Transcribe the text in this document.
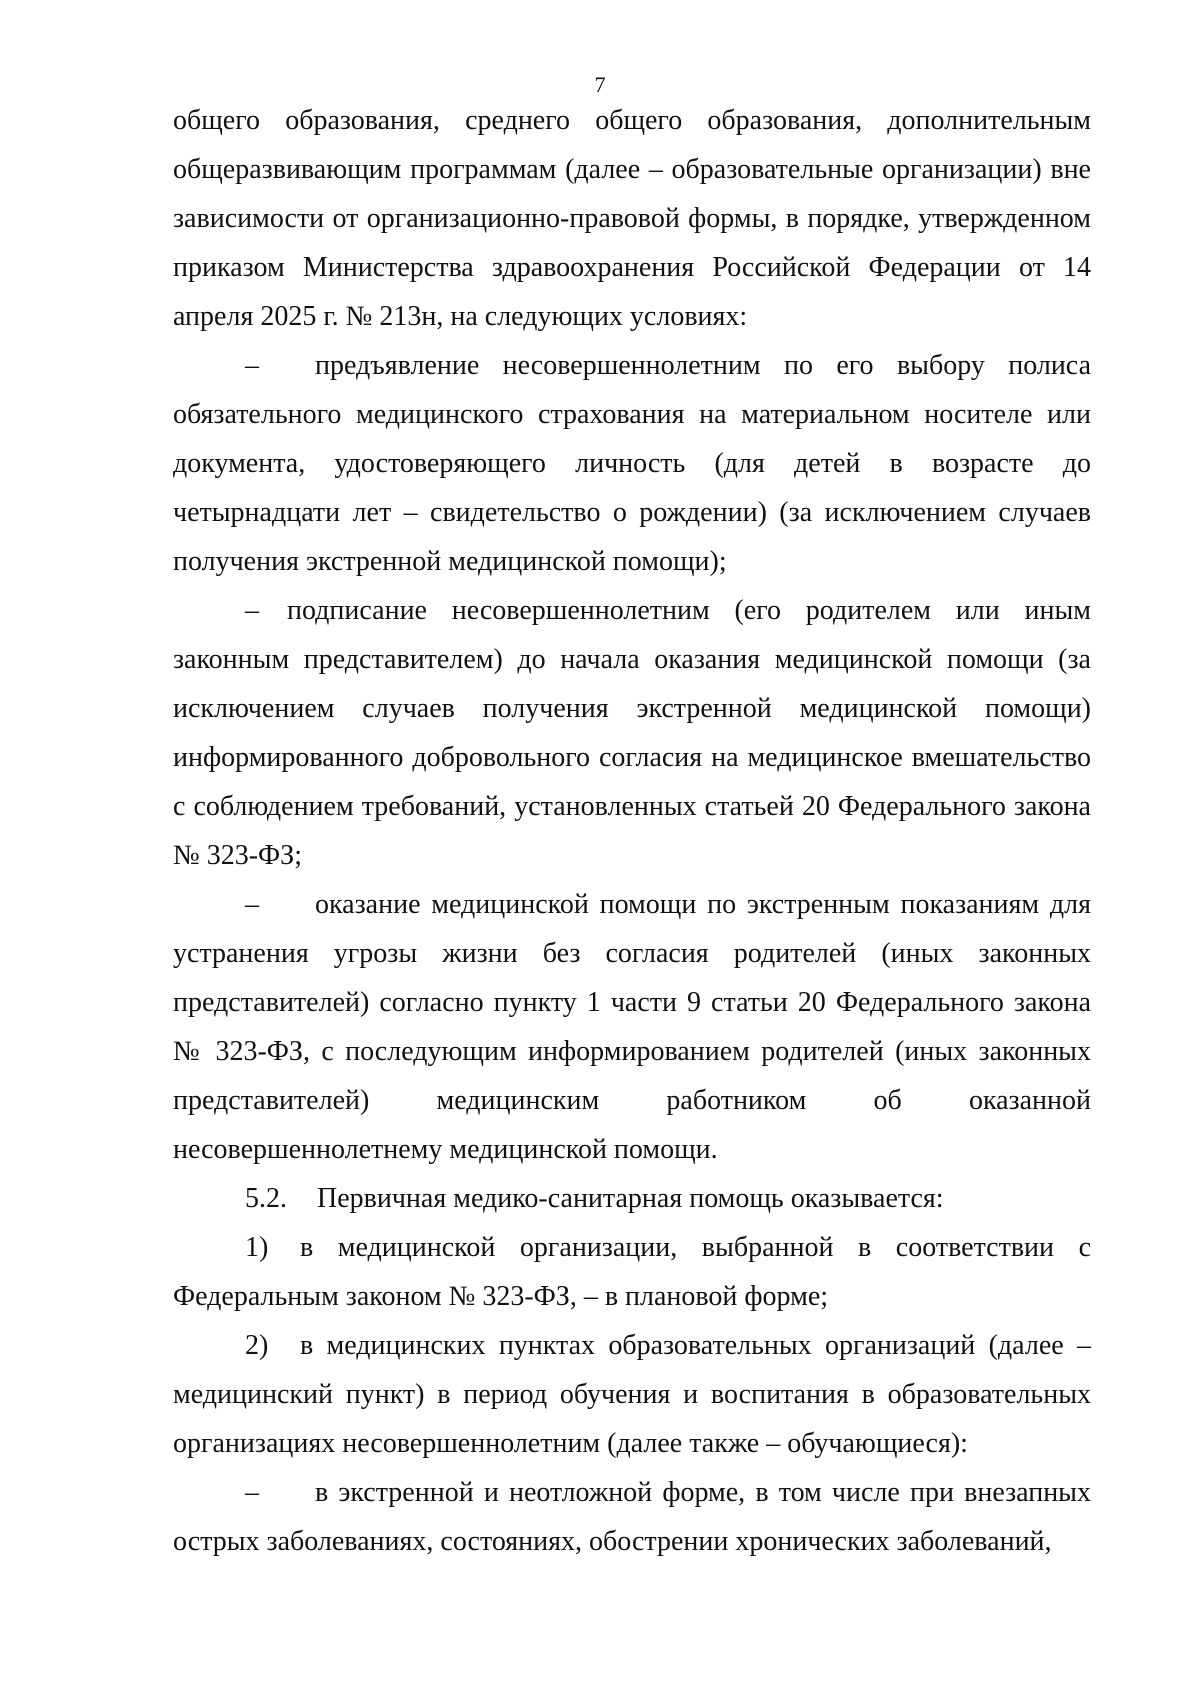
7

общего образования, среднего общего образования, дополнительным общеразвивающим программам (далее – образовательные организации) вне зависимости от организационно-правовой формы, в порядке, утвержденном приказом Министерства здравоохранения Российской Федерации от 14 апреля 2025 г. № 213н, на следующих условиях:

– предъявление несовершеннолетним по его выбору полиса обязательного медицинского страхования на материальном носителе или документа, удостоверяющего личность (для детей в возрасте до четырнадцати лет – свидетельство о рождении) (за исключением случаев получения экстренной медицинской помощи);

– подписание несовершеннолетним (его родителем или иным законным представителем) до начала оказания медицинской помощи (за исключением случаев получения экстренной медицинской помощи) информированного добровольного согласия на медицинское вмешательство с соблюдением требований, установленных статьей 20 Федерального закона № 323-ФЗ;

– оказание медицинской помощи по экстренным показаниям для устранения угрозы жизни без согласия родителей (иных законных представителей) согласно пункту 1 части 9 статьи 20 Федерального закона № 323-ФЗ, с последующим информированием родителей (иных законных представителей) медицинским работником об оказанной несовершеннолетнему медицинской помощи.

5.2. Первичная медико-санитарная помощь оказывается:

1) в медицинской организации, выбранной в соответствии с Федеральным законом № 323-ФЗ, – в плановой форме;

2) в медицинских пунктах образовательных организаций (далее – медицинский пункт) в период обучения и воспитания в образовательных организациях несовершеннолетним (далее также – обучающиеся):

– в экстренной и неотложной форме, в том числе при внезапных острых заболеваниях, состояниях, обострении хронических заболеваний,
